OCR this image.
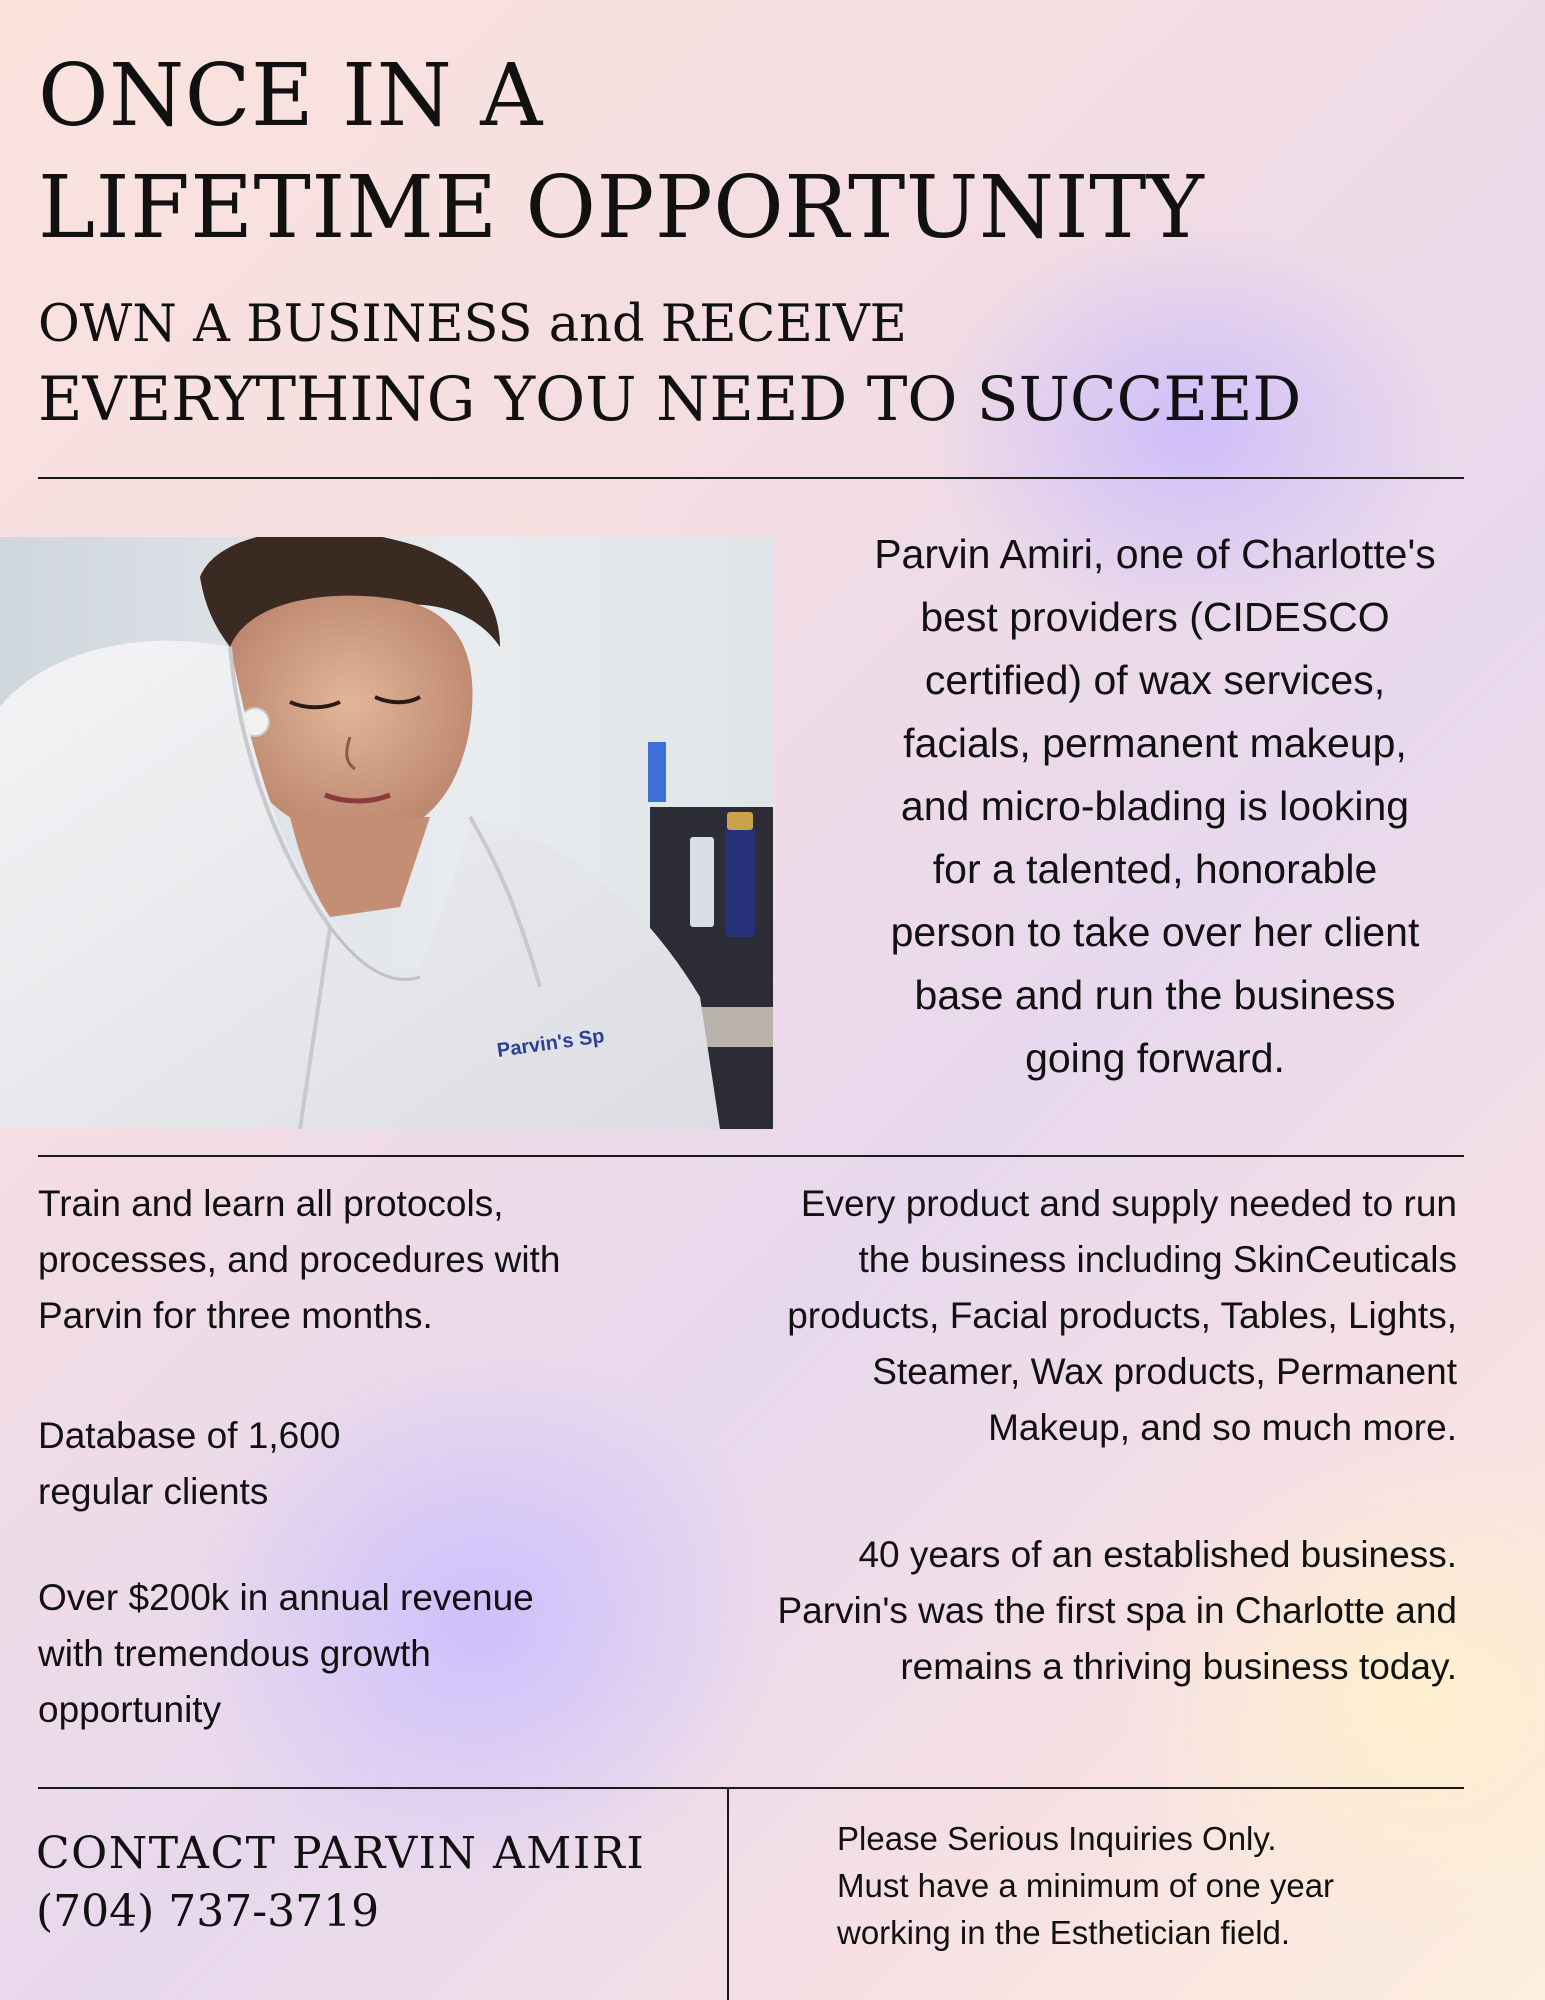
ONCE IN A
LIFETIME OPPORTUNITY
OWN A BUSINESS and RECEIVE
EVERYTHING YOU NEED TO SUCCEED
Parvin's Sp
Parvin Amiri, one of Charlotte's
best providers (CIDESCO
certified) of wax services,
facials, permanent makeup,
and micro-blading is looking
for a talented, honorable
person to take over her client
base and run the business
going forward.
Train and learn all protocols,
processes, and procedures with
Parvin for three months.
Database of 1,600
regular clients
Over $200k in annual revenue
with tremendous growth
opportunity
Every product and supply needed to run
the business including SkinCeuticals
products, Facial products, Tables, Lights,
Steamer, Wax products, Permanent
Makeup, and so much more.
40 years of an established business.
Parvin's was the first spa in Charlotte and
remains a thriving business today.
CONTACT PARVIN AMIRI
(704) 737-3719
Please Serious Inquiries Only.
Must have a minimum of one year
working in the Esthetician field.
